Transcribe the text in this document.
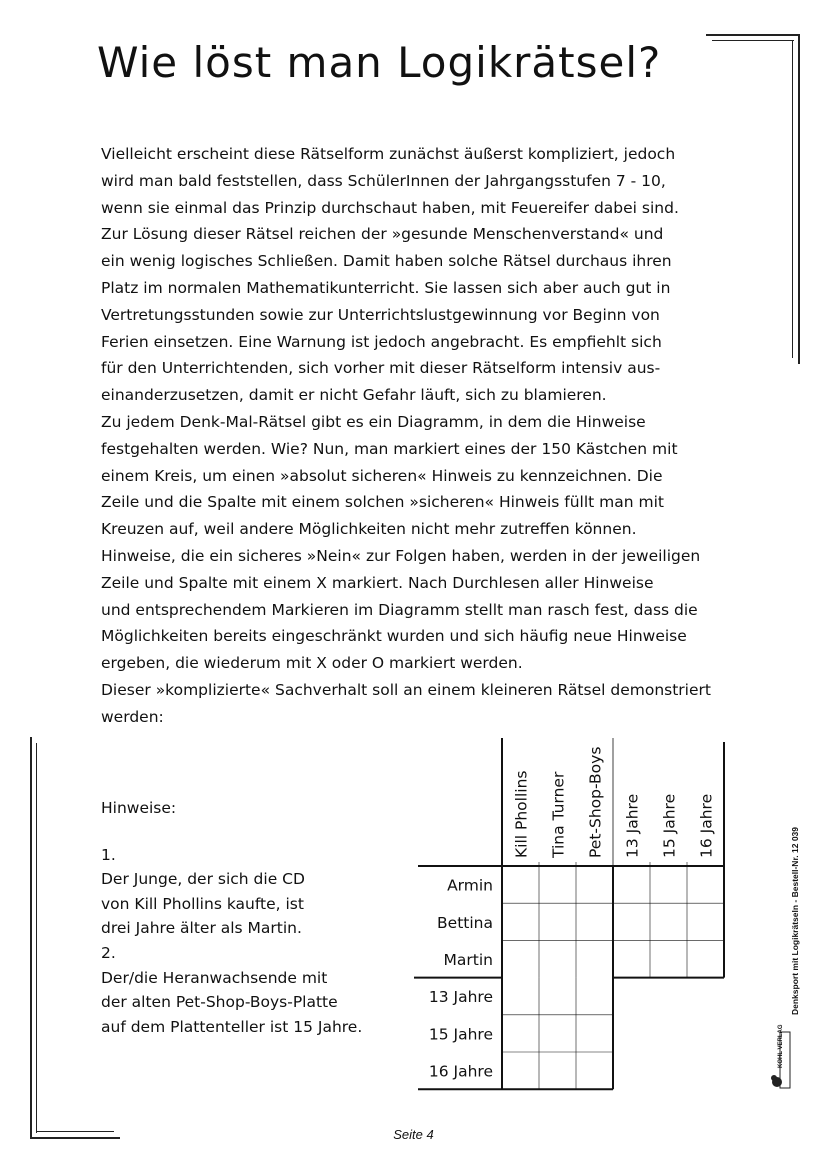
Wie löst man Logikrätsel?
Vielleicht erscheint diese Rätselform zunächst äußerst kompliziert, jedoch
wird man bald feststellen, dass SchülerInnen der Jahrgangsstufen 7 - 10,
wenn sie einmal das Prinzip durchschaut haben, mit Feuereifer dabei sind.
Zur Lösung dieser Rätsel reichen der »gesunde Menschenverstand« und
ein wenig logisches Schließen. Damit haben solche Rätsel durchaus ihren
Platz im normalen Mathematikunterricht. Sie lassen sich aber auch gut in
Vertretungsstunden sowie zur Unterrichtslustgewinnung vor Beginn von
Ferien einsetzen. Eine Warnung ist jedoch angebracht. Es empfiehlt sich
für den Unterrichtenden, sich vorher mit dieser Rätselform intensiv aus-
einanderzusetzen, damit er nicht Gefahr läuft, sich zu blamieren.
Zu jedem Denk-Mal-Rätsel gibt es ein Diagramm, in dem die Hinweise
festgehalten werden. Wie? Nun, man markiert eines der 150 Kästchen mit
einem Kreis, um einen »absolut sicheren« Hinweis zu kennzeichnen. Die
Zeile und die Spalte mit einem solchen »sicheren« Hinweis füllt man mit
Kreuzen auf, weil andere Möglichkeiten nicht mehr zutreffen können.
Hinweise, die ein sicheres »Nein« zur Folgen haben, werden in der jeweiligen
Zeile und Spalte mit einem X markiert. Nach Durchlesen aller Hinweise
und entsprechendem Markieren im Diagramm stellt man rasch fest, dass die
Möglichkeiten bereits eingeschränkt wurden und sich häufig neue Hinweise
ergeben, die wiederum mit X oder O markiert werden.
Dieser »komplizierte« Sachverhalt soll an einem kleineren Rätsel demonstriert
werden:
Hinweise:
1.
Der Junge, der sich die CD
von Kill Phollins kaufte, ist
drei Jahre älter als Martin.
2.
Der/die Heranwachsende mit
der alten Pet-Shop-Boys-Platte
auf dem Plattenteller ist 15 Jahre.
Kill Phollins Tina Turner Pet-Shop-Boys 13 Jahre 15 Jahre 16 Jahre
Armin
Bettina
Martin
13 Jahre
15 Jahre
16 Jahre
Denksport mit Logikrätseln - Bestell-Nr. 12 039
KOHL VERLAG
Seite 4
